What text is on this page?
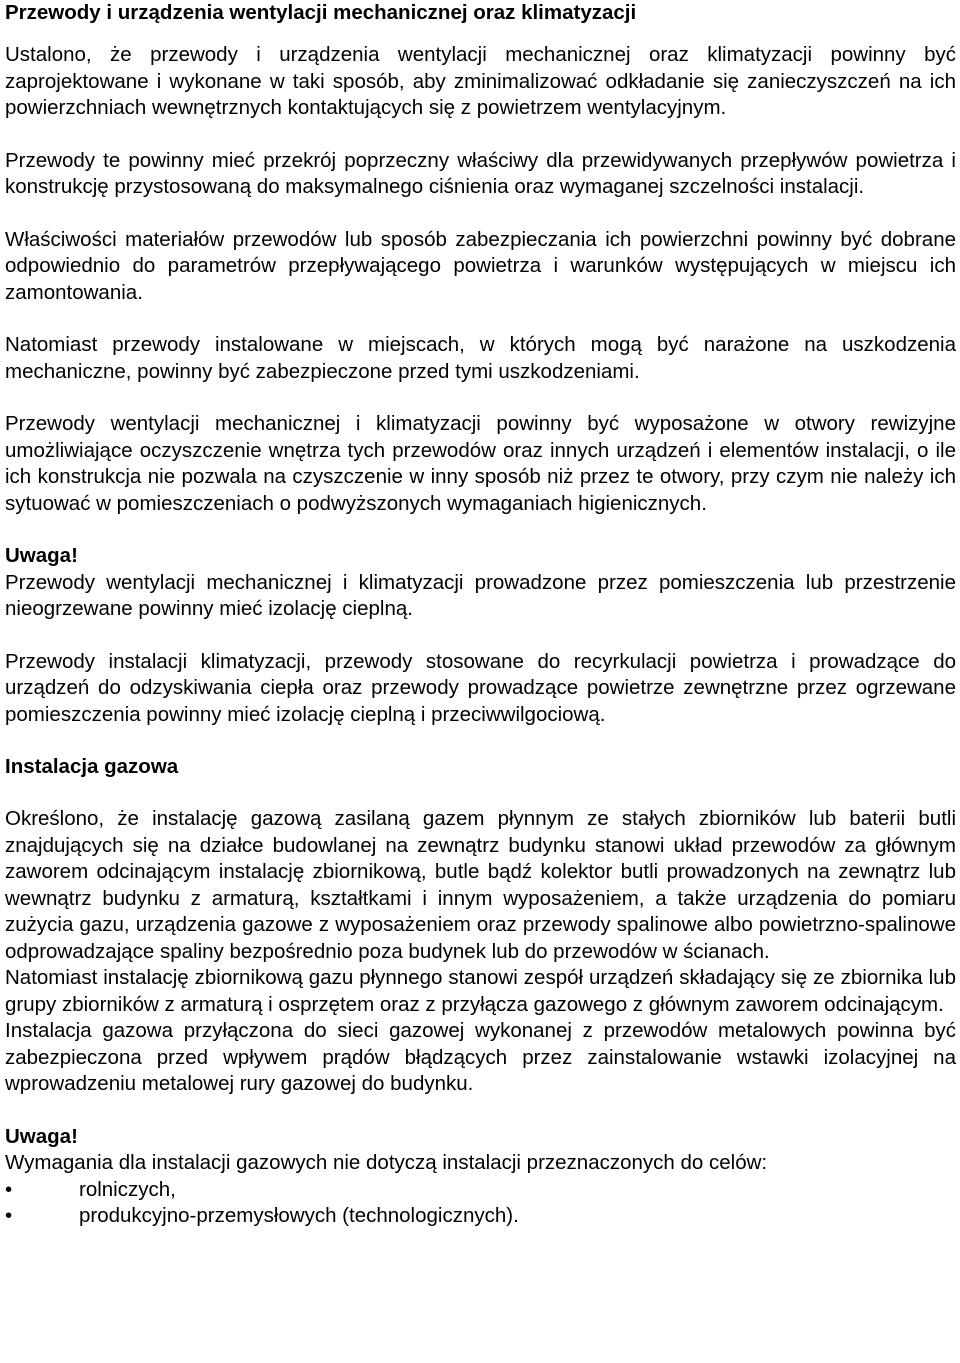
Przewody i urządzenia wentylacji mechanicznej oraz klimatyzacji

Ustalono, że przewody i urządzenia wentylacji mechanicznej oraz klimatyzacji powinny być zaprojektowane i wykonane w taki sposób, aby zminimalizować odkładanie się zanieczyszczeń na ich powierzchniach wewnętrznych kontaktujących się z powietrzem wentylacyjnym.

Przewody te powinny mieć przekrój poprzeczny właściwy dla przewidywanych przepływów powietrza i konstrukcję przystosowaną do maksymalnego ciśnienia oraz wymaganej szczelności instalacji.

Właściwości materiałów przewodów lub sposób zabezpieczania ich powierzchni powinny być dobrane odpowiednio do parametrów przepływającego powietrza i warunków występujących w miejscu ich zamontowania.

Natomiast przewody instalowane w miejscach, w których mogą być narażone na uszkodzenia mechaniczne, powinny być zabezpieczone przed tymi uszkodzeniami.

Przewody wentylacji mechanicznej i klimatyzacji powinny być wyposażone w otwory rewizyjne umożliwiające oczyszczenie wnętrza tych przewodów oraz innych urządzeń i elementów instalacji, o ile ich konstrukcja nie pozwala na czyszczenie w inny sposób niż przez te otwory, przy czym nie należy ich sytuować w pomieszczeniach o podwyższonych wymaganiach higienicznych.

Uwaga!

Przewody wentylacji mechanicznej i klimatyzacji prowadzone przez pomieszczenia lub przestrzenie nieogrzewane powinny mieć izolację cieplną.

Przewody instalacji klimatyzacji, przewody stosowane do recyrkulacji powietrza i prowadzące do urządzeń do odzyskiwania ciepła oraz przewody prowadzące powietrze zewnętrzne przez ogrzewane pomieszczenia powinny mieć izolację cieplną i przeciwwilgociową.

Instalacja gazowa

Określono, że instalację gazową zasilaną gazem płynnym ze stałych zbiorników lub baterii butli znajdujących się na działce budowlanej na zewnątrz budynku stanowi układ przewodów za głównym zaworem odcinającym instalację zbiornikową, butle bądź kolektor butli prowadzonych na zewnątrz lub wewnątrz budynku z armaturą, kształtkami i innym wyposażeniem, a także urządzenia do pomiaru zużycia gazu, urządzenia gazowe z wyposażeniem oraz przewody spalinowe albo powietrzno-spalinowe odprowadzające spaliny bezpośrednio poza budynek lub do przewodów w ścianach.

Natomiast instalację zbiornikową gazu płynnego stanowi zespół urządzeń składający się ze zbiornika lub grupy zbiorników z armaturą i osprzętem oraz z przyłącza gazowego z głównym zaworem odcinającym.

Instalacja gazowa przyłączona do sieci gazowej wykonanej z przewodów metalowych powinna być zabezpieczona przed wpływem prądów błądzących przez zainstalowanie wstawki izolacyjnej na wprowadzeniu metalowej rury gazowej do budynku.

Uwaga!

Wymagania dla instalacji gazowych nie dotyczą instalacji przeznaczonych do celów:

•	rolniczych,
•	produkcyjno-przemysłowych (technologicznych).
